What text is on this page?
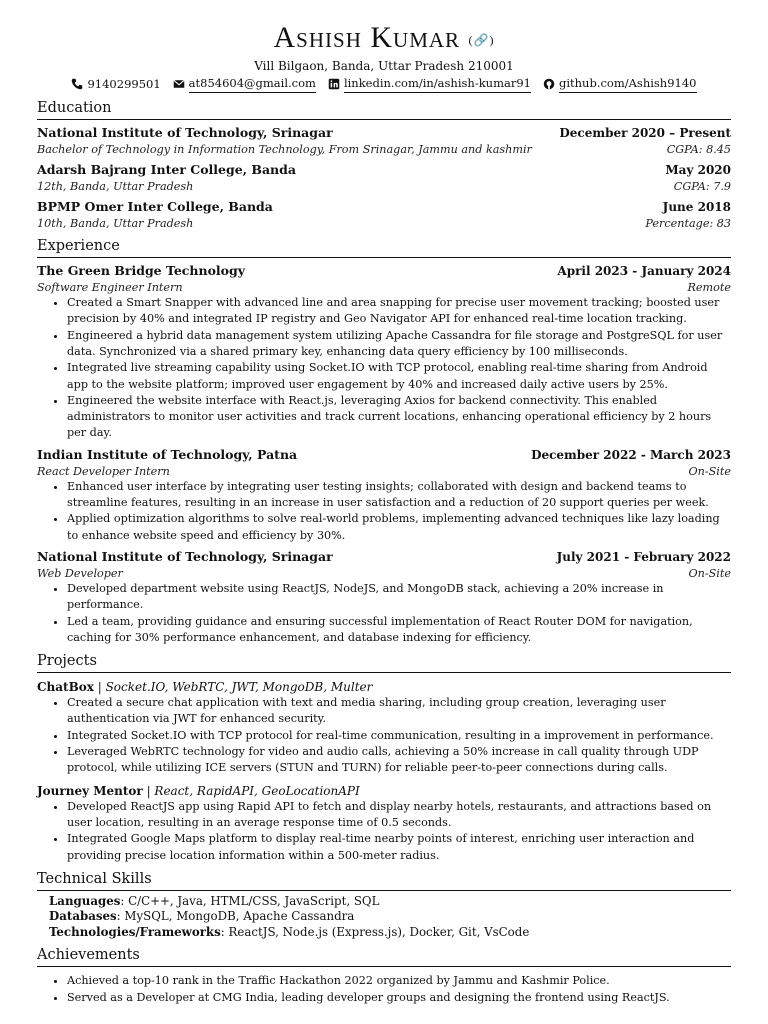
Ashish Kumar (🔗)
Vill Bilgaon, Banda, Uttar Pradesh 210001
9140299501 at854604@gmail.com linkedin.com/in/ashish-kumar91 github.com/Ashish9140
Education
National Institute of Technology, Srinagar	December 2020 – Present
Bachelor of Technology in Information Technology, From Srinagar, Jammu and kashmir	CGPA: 8.45
Adarsh Bajrang Inter College, Banda	May 2020
12th, Banda, Uttar Pradesh	CGPA: 7.9
BPMP Omer Inter College, Banda	June 2018
10th, Banda, Uttar Pradesh	Percentage: 83
Experience
The Green Bridge Technology	April 2023 - January 2024
Software Engineer Intern	Remote
• Created a Smart Snapper with advanced line and area snapping for precise user movement tracking; boosted user precision by 40% and integrated IP registry and Geo Navigator API for enhanced real-time location tracking.
• Engineered a hybrid data management system utilizing Apache Cassandra for file storage and PostgreSQL for user data. Synchronized via a shared primary key, enhancing data query efficiency by 100 milliseconds.
• Integrated live streaming capability using Socket.IO with TCP protocol, enabling real-time sharing from Android app to the website platform; improved user engagement by 40% and increased daily active users by 25%.
• Engineered the website interface with React.js, leveraging Axios for backend connectivity. This enabled administrators to monitor user activities and track current locations, enhancing operational efficiency by 2 hours per day.
Indian Institute of Technology, Patna	December 2022 - March 2023
React Developer Intern	On-Site
• Enhanced user interface by integrating user testing insights; collaborated with design and backend teams to streamline features, resulting in an increase in user satisfaction and a reduction of 20 support queries per week.
• Applied optimization algorithms to solve real-world problems, implementing advanced techniques like lazy loading to enhance website speed and efficiency by 30%.
National Institute of Technology, Srinagar	July 2021 - February 2022
Web Developer	On-Site
• Developed department website using ReactJS, NodeJS, and MongoDB stack, achieving a 20% increase in performance.
• Led a team, providing guidance and ensuring successful implementation of React Router DOM for navigation, caching for 30% performance enhancement, and database indexing for efficiency.
Projects
ChatBox | Socket.IO, WebRTC, JWT, MongoDB, Multer
• Created a secure chat application with text and media sharing, including group creation, leveraging user authentication via JWT for enhanced security.
• Integrated Socket.IO with TCP protocol for real-time communication, resulting in a improvement in performance.
• Leveraged WebRTC technology for video and audio calls, achieving a 50% increase in call quality through UDP protocol, while utilizing ICE servers (STUN and TURN) for reliable peer-to-peer connections during calls.
Journey Mentor | React, RapidAPI, GeoLocationAPI
• Developed ReactJS app using Rapid API to fetch and display nearby hotels, restaurants, and attractions based on user location, resulting in an average response time of 0.5 seconds.
• Integrated Google Maps platform to display real-time nearby points of interest, enriching user interaction and providing precise location information within a 500-meter radius.
Technical Skills
Languages: C/C++, Java, HTML/CSS, JavaScript, SQL
Databases: MySQL, MongoDB, Apache Cassandra
Technologies/Frameworks: ReactJS, Node.js (Express.js), Docker, Git, VsCode
Achievements
• Achieved a top-10 rank in the Traffic Hackathon 2022 organized by Jammu and Kashmir Police.
• Served as a Developer at CMG India, leading developer groups and designing the frontend using ReactJS.
